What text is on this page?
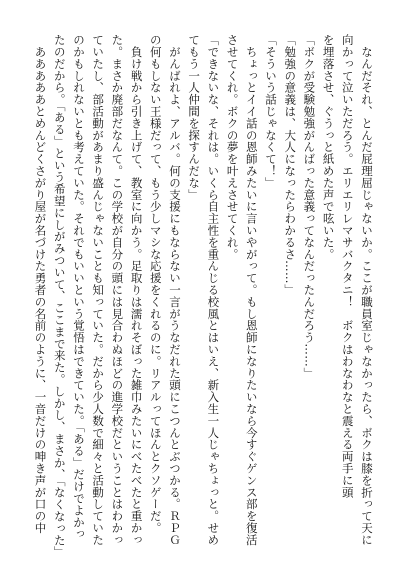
　なんだそれ、とんだ屁理屈じゃないか。ここが職員室じゃなかったら、ボクは膝を折って天に
向かって泣いただろう。エリエリレマサバクタニ！　ボクはわなわなと震える両手に頭
を埋落させ、ぐうっと紙めた声で呟いた。
「ボクが受験勉強がんばった意義ってなんだったんだろう……」
「勉強の意義は、大人になったらわかるさ……」
「そういう話じゃなくて！」
　ちょっとイイ話の恩師みたいに言いやがって。もし恩師になりたいなら今すぐゲンス部を復活
させてくれ。ボクの夢を叶えさせてくれ。
「できないな、それは。いくら自主性を重んじる校風とはいえ、新入生一人じゃちょっと。せめ
てもう一人仲間を探すんだな」
　がんばれよ、アルバ。何の支援にもならない一言がうなだれた頭にこつんとぶつかる。ＲＰＧ
の何もしない王様だって、もう少しマシな応援をくれるのに。リアルってほんとクソゲーだ。
　負け戦から引き上げて、教室に向かう。足取りは濡れそぼった雑巾みたいにべたべたと重かっ
た。まさか廃部だなんて。この学校が自分の頭には見合わぬほどの進学校だということはわかっ
ていたし、部活動があまり盛んじゃないことも知っていた。だから少人数で細々と活動していた
のかもしれないとも考えていた。それでもいいという覚悟はできていた。「ある」だけでよかっ
たのだから。「ある」という希望にしがみついて、ここまで来た。しかし、まさか、「なくなった」
　あああああとめんどくさがり屋が名づけた勇者の名前のように、一音だけの呻き声が口の中
